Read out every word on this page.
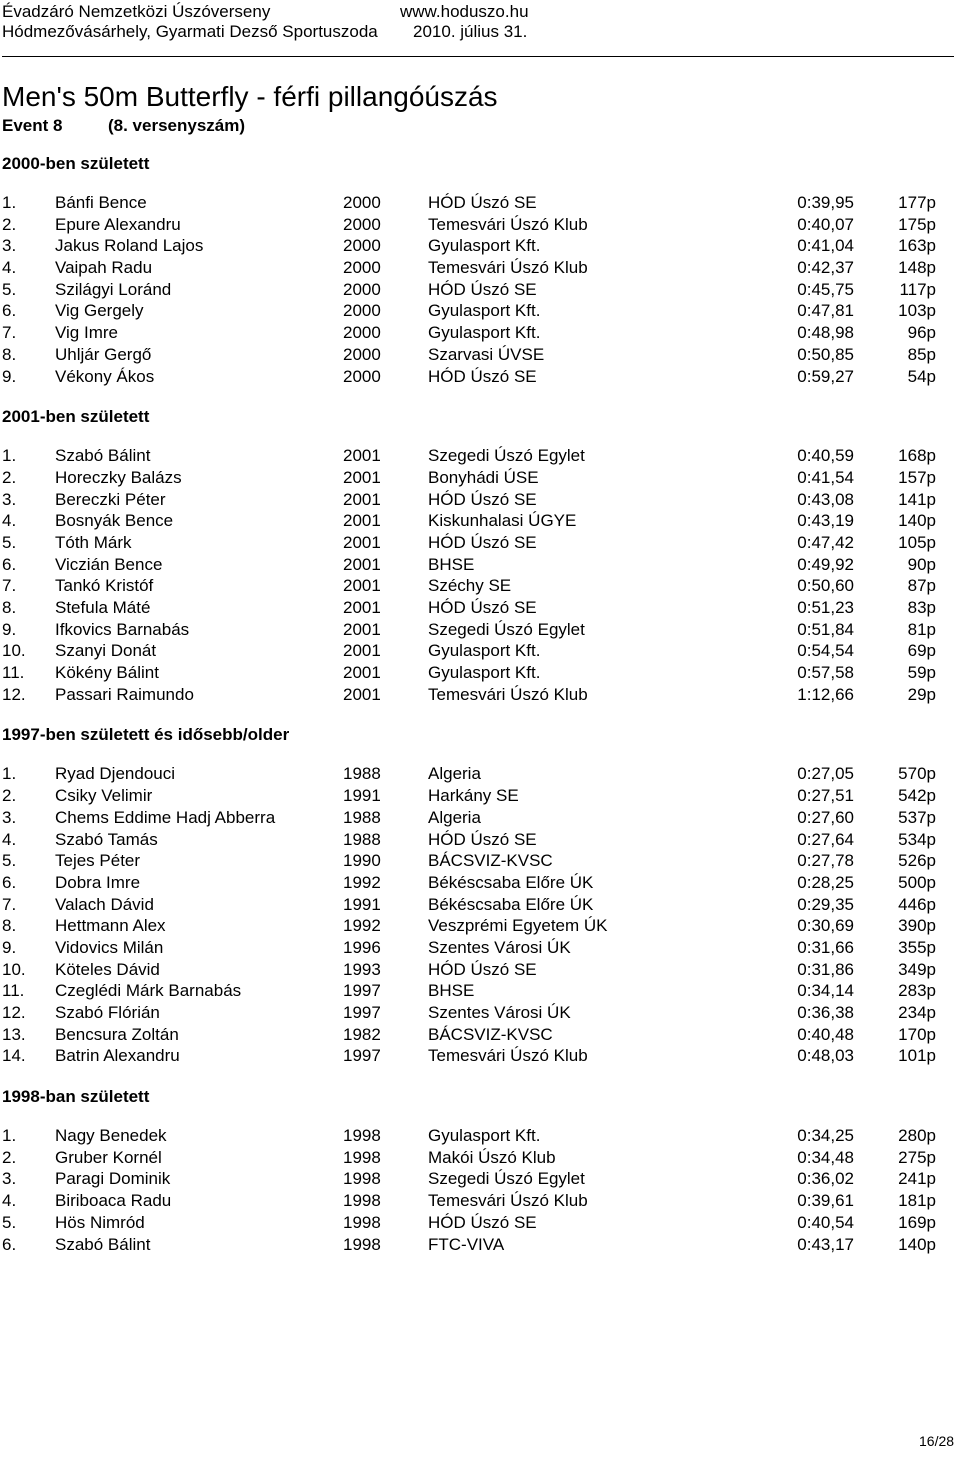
Évadzáró Nemzetközi Úszóverseny
Hódmezővásárhely, Gyarmati Dezső Sportuszoda
www.hoduszo.hu
2010. július 31.
Men's 50m Butterfly - férfi pillangóúszás
Event 8	(8. versenyszám)
2000-ben született
1. Bánfi Bence	2000	HÓD Úszó SE	0:39,95	177p
2. Epure Alexandru	2000	Temesvári Úszó Klub	0:40,07	175p
3. Jakus Roland Lajos	2000	Gyulasport Kft.	0:41,04	163p
4. Vaipah Radu	2000	Temesvári Úszó Klub	0:42,37	148p
5. Szilágyi Loránd	2000	HÓD Úszó SE	0:45,75	117p
6. Vig Gergely	2000	Gyulasport Kft.	0:47,81	103p
7. Vig Imre	2000	Gyulasport Kft.	0:48,98	96p
8. Uhljár Gergő	2000	Szarvasi ÚVSE	0:50,85	85p
9. Vékony Ákos	2000	HÓD Úszó SE	0:59,27	54p
2001-ben született
1. Szabó Bálint	2001	Szegedi Úszó Egylet	0:40,59	168p
2. Horeczky Balázs	2001	Bonyhádi ÚSE	0:41,54	157p
3. Bereczki Péter	2001	HÓD Úszó SE	0:43,08	141p
4. Bosnyák Bence	2001	Kiskunhalasi ÚGYE	0:43,19	140p
5. Tóth Márk	2001	HÓD Úszó SE	0:47,42	105p
6. Viczián Bence	2001	BHSE	0:49,92	90p
7. Tankó Kristóf	2001	Széchy SE	0:50,60	87p
8. Stefula Máté	2001	HÓD Úszó SE	0:51,23	83p
9. Ifkovics Barnabás	2001	Szegedi Úszó Egylet	0:51,84	81p
10. Szanyi Donát	2001	Gyulasport Kft.	0:54,54	69p
11. Kökény Bálint	2001	Gyulasport Kft.	0:57,58	59p
12. Passari Raimundo	2001	Temesvári Úszó Klub	1:12,66	29p
1997-ben született és idősebb/older
1. Ryad Djendouci	1988	Algeria	0:27,05	570p
2. Csiky Velimir	1991	Harkány SE	0:27,51	542p
3. Chems Eddime Hadj Abberra	1988	Algeria	0:27,60	537p
4. Szabó Tamás	1988	HÓD Úszó SE	0:27,64	534p
5. Tejes Péter	1990	BÁCSVIZ-KVSC	0:27,78	526p
6. Dobra Imre	1992	Békéscsaba Előre ÚK	0:28,25	500p
7. Valach Dávid	1991	Békéscsaba Előre ÚK	0:29,35	446p
8. Hettmann Alex	1992	Veszprémi Egyetem ÚK	0:30,69	390p
9. Vidovics Milán	1996	Szentes Városi ÚK	0:31,66	355p
10. Köteles Dávid	1993	HÓD Úszó SE	0:31,86	349p
11. Czeglédi Márk Barnabás	1997	BHSE	0:34,14	283p
12. Szabó Flórián	1997	Szentes Városi ÚK	0:36,38	234p
13. Bencsura Zoltán	1982	BÁCSVIZ-KVSC	0:40,48	170p
14. Batrin Alexandru	1997	Temesvári Úszó Klub	0:48,03	101p
1998-ban született
1. Nagy Benedek	1998	Gyulasport Kft.	0:34,25	280p
2. Gruber Kornél	1998	Makói Úszó Klub	0:34,48	275p
3. Paragi Dominik	1998	Szegedi Úszó Egylet	0:36,02	241p
4. Biriboaca Radu	1998	Temesvári Úszó Klub	0:39,61	181p
5. Hös Nimród	1998	HÓD Úszó SE	0:40,54	169p
6. Szabó Bálint	1998	FTC-VIVA	0:43,17	140p
16/28
